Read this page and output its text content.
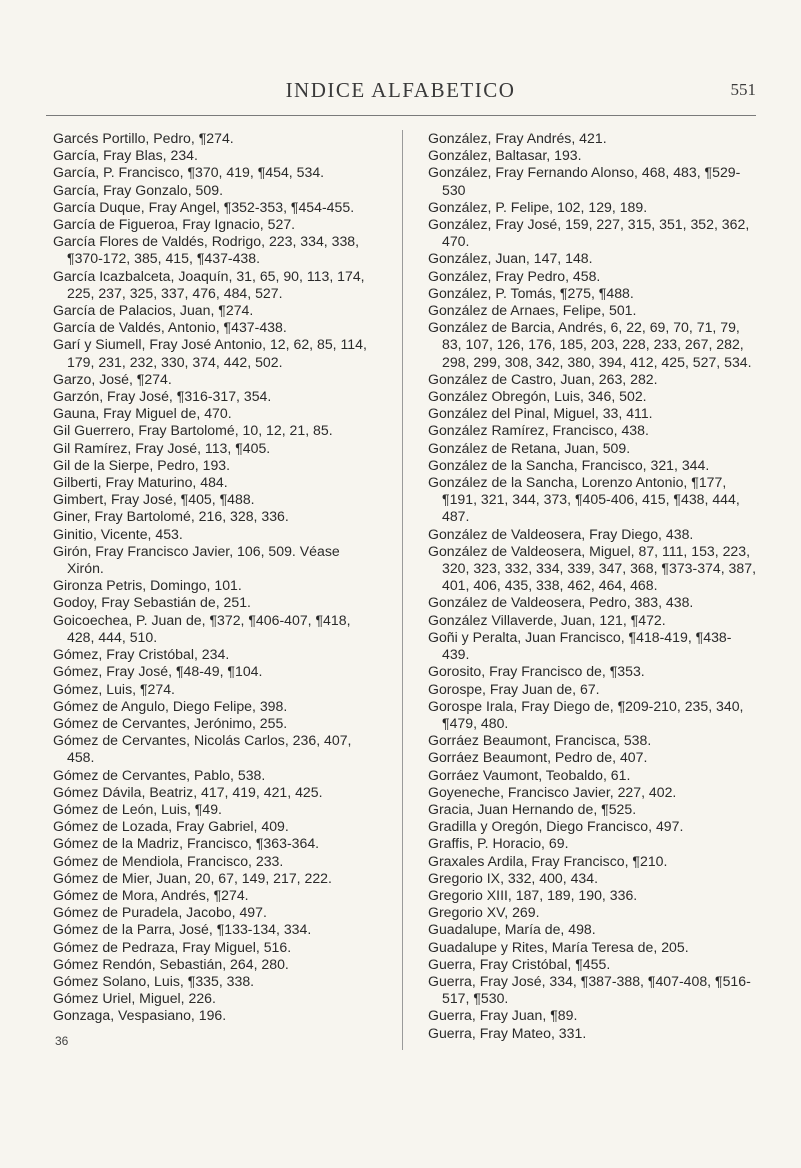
INDICE ALFABETICO	551

Garcés Portillo, Pedro, ¶274.

García, Fray Blas, 234.

García, P. Francisco, ¶370, 419, ¶454, 534.

García, Fray Gonzalo, 509.

García Duque, Fray Angel, ¶352-353, ¶454-455.

García de Figueroa, Fray Ignacio, 527.

García Flores de Valdés, Rodrigo, 223, 334, 338, ¶370-172, 385, 415, ¶437-438.

García Icazbalceta, Joaquín, 31, 65, 90, 113, 174, 225, 237, 325, 337, 476, 484, 527.

García de Palacios, Juan, ¶274.

García de Valdés, Antonio, ¶437-438.

Garí y Siumell, Fray José Antonio, 12, 62, 85, 114, 179, 231, 232, 330, 374, 442, 502.

Garzo, José, ¶274.

Garzón, Fray José, ¶316-317, 354.

Gauna, Fray Miguel de, 470.

Gil Guerrero, Fray Bartolomé, 10, 12, 21, 85.

Gil Ramírez, Fray José, 113, ¶405.

Gil de la Sierpe, Pedro, 193.

Gilberti, Fray Maturino, 484.

Gimbert, Fray José, ¶405, ¶488.

Giner, Fray Bartolomé, 216, 328, 336.

Ginitio, Vicente, 453.

Girón, Fray Francisco Javier, 106, 509. Véase Xirón.

Gironza Petris, Domingo, 101.

Godoy, Fray Sebastián de, 251.

Goicoechea, P. Juan de, ¶372, ¶406-407, ¶418, 428, 444, 510.

Gómez, Fray Cristóbal, 234.

Gómez, Fray José, ¶48-49, ¶104.

Gómez, Luis, ¶274.

Gómez de Angulo, Diego Felipe, 398.

Gómez de Cervantes, Jerónimo, 255.

Gómez de Cervantes, Nicolás Carlos, 236, 407, 458.

Gómez de Cervantes, Pablo, 538.

Gómez Dávila, Beatriz, 417, 419, 421, 425.

Gómez de León, Luis, ¶49.

Gómez de Lozada, Fray Gabriel, 409.

Gómez de la Madriz, Francisco, ¶363-364.

Gómez de Mendiola, Francisco, 233.

Gómez de Mier, Juan, 20, 67, 149, 217, 222.

Gómez de Mora, Andrés, ¶274.

Gómez de Puradela, Jacobo, 497.

Gómez de la Parra, José, ¶133-134, 334.

Gómez de Pedraza, Fray Miguel, 516.

Gómez Rendón, Sebastián, 264, 280.

Gómez Solano, Luis, ¶335, 338.

Gómez Uriel, Miguel, 226.

Gonzaga, Vespasiano, 196.

González, Fray Andrés, 421.

González, Baltasar, 193.

González, Fray Fernando Alonso, 468, 483, ¶529-530

González, P. Felipe, 102, 129, 189.

González, Fray José, 159, 227, 315, 351, 352, 362, 470.

González, Juan, 147, 148.

González, Fray Pedro, 458.

González, P. Tomás, ¶275, ¶488.

González de Arnaes, Felipe, 501.

González de Barcia, Andrés, 6, 22, 69, 70, 71, 79, 83, 107, 126, 176, 185, 203, 228, 233, 267, 282, 298, 299, 308, 342, 380, 394, 412, 425, 527, 534.

González de Castro, Juan, 263, 282.

González Obregón, Luis, 346, 502.

González del Pinal, Miguel, 33, 411.

González Ramírez, Francisco, 438.

González de Retana, Juan, 509.

González de la Sancha, Francisco, 321, 344.

González de la Sancha, Lorenzo Antonio, ¶177, ¶191, 321, 344, 373, ¶405-406, 415, ¶438, 444, 487.

González de Valdeosera, Fray Diego, 438.

González de Valdeosera, Miguel, 87, 111, 153, 223, 320, 323, 332, 334, 339, 347, 368, ¶373-374, 387, 401, 406, 435, 338, 462, 464, 468.

González de Valdeosera, Pedro, 383, 438.

González Villaverde, Juan, 121, ¶472.

Goñi y Peralta, Juan Francisco, ¶418-419, ¶438-439.

Gorosito, Fray Francisco de, ¶353.

Gorospe, Fray Juan de, 67.

Gorospe Irala, Fray Diego de, ¶209-210, 235, 340, ¶479, 480.

Gorráez Beaumont, Francisca, 538.

Gorráez Beaumont, Pedro de, 407.

Gorráez Vaumont, Teobaldo, 61.

Goyeneche, Francisco Javier, 227, 402.

Gracia, Juan Hernando de, ¶525.

Gradilla y Oregón, Diego Francisco, 497.

Graffis, P. Horacio, 69.

Graxales Ardila, Fray Francisco, ¶210.

Gregorio IX, 332, 400, 434.

Gregorio XIII, 187, 189, 190, 336.

Gregorio XV, 269.

Guadalupe, María de, 498.

Guadalupe y Rites, María Teresa de, 205.

Guerra, Fray Cristóbal, ¶455.

Guerra, Fray José, 334, ¶387-388, ¶407-408, ¶516-517, ¶530.

Guerra, Fray Juan, ¶89.

Guerra, Fray Mateo, 331.

36
